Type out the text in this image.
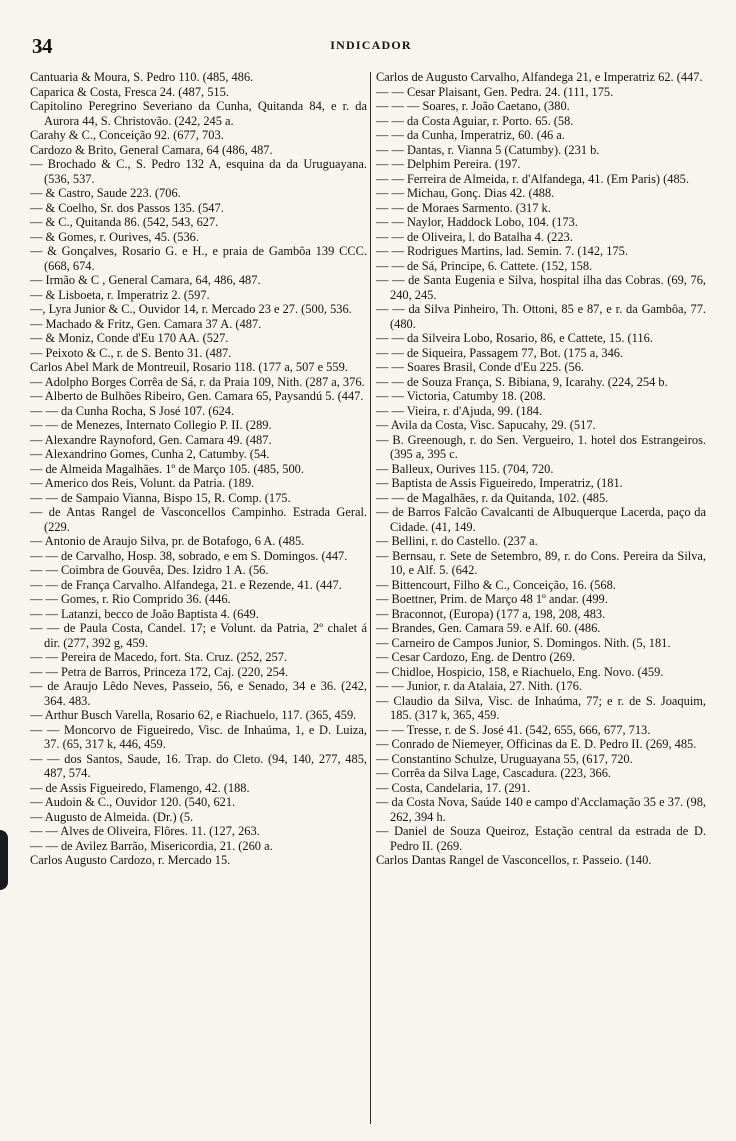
34	INDICADOR

Cantuaria & Moura, S. Pedro 110. (485, 486.

Caparica & Costa, Fresca 24. (487, 515.

Capitolino Peregrino Severiano da Cunha, Quitanda 84, e r. da Aurora 44, S. Christovão. (242, 245 a.

Carahy & C., Conceição 92. (677, 703.

Cardozo & Brito, General Camara, 64 (486, 487.

— Brochado & C., S. Pedro 132 A, esquina da da Uruguayana. (536, 537.

— & Castro, Saude 223. (706.

— & Coelho, Sr. dos Passos 135. (547.

— & C., Quitanda 86. (542, 543, 627.

— & Gomes, r. Ourives, 45. (536.

— & Gonçalves, Rosario G. e H., e praia de Gambôa 139 CCC. (668, 674.

— Irmão & C , General Camara, 64, 486, 487.

— & Lisboeta, r. Imperatriz 2. (597.

—, Lyra Junior & C., Ouvidor 14, r. Mercado 23 e 27. (500, 536.

— Machado & Fritz, Gen. Camara 37 A. (487.

— & Moniz, Conde d'Eu 170 AA. (527.

— Peixoto & C., r. de S. Bento 31. (487.

Carlos Abel Mark de Montreuil, Rosario 118. (177 a, 507 e 559.

— Adolpho Borges Corrêa de Sá, r. da Praia 109, Nith. (287 a, 376.

— Alberto de Bulhões Ribeiro, Gen. Camara 65, Paysandú 5. (447.

— — da Cunha Rocha, S José 107. (624.

— — de Menezes, Internato Collegio P. II. (289.

— Alexandre Raynoford, Gen. Camara 49. (487.

— Alexandrino Gomes, Cunha 2, Catumby. (54.

— de Almeida Magalhães. 1º de Março 105. (485, 500.

— Americo dos Reis, Volunt. da Patria. (189.

— — de Sampaio Vianna, Bispo 15, R. Comp. (175.

— de Antas Rangel de Vasconcellos Campinho. Estrada Geral. (229.

— Antonio de Araujo Silva, pr. de Botafogo, 6 A. (485.

— — de Carvalho, Hosp. 38, sobrado, e em S. Domingos. (447.

— — Coimbra de Gouvêa, Des. Izidro 1 A. (56.

— — de França Carvalho. Alfandega, 21. e Rezende, 41. (447.

— — Gomes, r. Rio Comprido 36. (446.

— — Latanzi, becco de João Baptista 4. (649.

— — de Paula Costa, Candel. 17; e Volunt. da Patria, 2º chalet á dir. (277, 392 g, 459.

— — Pereira de Macedo, fort. Sta. Cruz. (252, 257.

— — Petra de Barros, Princeza 172, Caj. (220, 254.

— de Araujo Lêdo Neves, Passeio, 56, e Senado, 34 e 36. (242, 364. 483.

— Arthur Busch Varella, Rosario 62, e Riachuelo, 117. (365, 459.

— — Moncorvo de Figueiredo, Visc. de Inhaúma, 1, e D. Luiza, 37. (65, 317 k, 446, 459.

— — dos Santos, Saude, 16. Trap. do Cleto. (94, 140, 277, 485, 487, 574.

— de Assis Figueiredo, Flamengo, 42. (188.

— Audoin & C., Ouvidor 120. (540, 621.

— Augusto de Almeida. (Dr.) (5.

— — Alves de Oliveira, Flôres. 11. (127, 263.

— — de Avilez Barrão, Misericordia, 21. (260 a.

Carlos Augusto Cardozo, r. Mercado 15.

Carlos de Augusto Carvalho, Alfandega 21, e Imperatriz 62. (447.

— — Cesar Plaisant, Gen. Pedra. 24. (111, 175.

— — — Soares, r. João Caetano, (380.

— — da Costa Aguiar, r. Porto. 65. (58.

— — da Cunha, Imperatriz, 60. (46 a.

— — Dantas, r. Vianna 5 (Catumby). (231 b.

— — Delphim Pereira. (197.

— — Ferreira de Almeida, r. d'Alfandega, 41. (Em Paris) (485.

— — Michau, Gonç. Dias 42. (488.

— — de Moraes Sarmento. (317 k.

— — Naylor, Haddock Lobo, 104. (173.

— — de Oliveira, l. do Batalha 4. (223.

— — Rodrigues Martins, lad. Semin. 7. (142, 175.

— — de Sá, Principe, 6. Cattete. (152, 158.

— — de Santa Eugenia e Silva, hospital ilha das Cobras. (69, 76, 240, 245.

— — da Silva Pinheiro, Th. Ottoni, 85 e 87, e r. da Gambôa, 77. (480.

— — da Silveira Lobo, Rosario, 86, e Cattete, 15. (116.

— — de Siqueira, Passagem 77, Bot. (175 a, 346.

— — Soares Brasil, Conde d'Eu 225. (56.

— — de Souza França, S. Bibiana, 9, Icarahy. (224, 254 b.

— — Victoria, Catumby 18. (208.

— — Vieira, r. d'Ajuda, 99. (184.

— Avila da Costa, Visc. Sapucahy, 29. (517.

— B. Greenough, r. do Sen. Vergueiro, 1. hotel dos Estrangeiros. (395 a, 395 c.

— Balleux, Ourives 115. (704, 720.

— Baptista de Assis Figueiredo, Imperatriz, (181.

— — de Magalhães, r. da Quitanda, 102. (485.

— de Barros Falcão Cavalcanti de Albuquerque Lacerda, paço da Cidade. (41, 149.

— Bellini, r. do Castello. (237 a.

— Bernsau, r. Sete de Setembro, 89, r. do Cons. Pereira da Silva, 10, e Alf. 5. (642.

— Bittencourt, Filho & C., Conceição, 16. (568.

— Boettner, Prim. de Março 48 1º andar. (499.

— Braconnot, (Europa) (177 a, 198, 208, 483.

— Brandes, Gen. Camara 59. e Alf. 60. (486.

— Carneiro de Campos Junior, S. Domingos. Nith. (5, 181.

— Cesar Cardozo, Eng. de Dentro (269.

— Chidloe, Hospicio, 158, e Riachuelo, Eng. Novo. (459.

— — Junior, r. da Atalaia, 27. Nith. (176.

— Claudio da Silva, Visc. de Inhaúma, 77; e r. de S. Joaquim, 185. (317 k, 365, 459.

— — Tresse, r. de S. José 41. (542, 655, 666, 677, 713.

— Conrado de Niemeyer, Officinas da E. D. Pedro II. (269, 485.

— Constantino Schulze, Uruguayana 55, (617, 720.

— Corrêa da Silva Lage, Cascadura. (223, 366.

— Costa, Candelaria, 17. (291.

— da Costa Nova, Saúde 140 e campo d'Acclamação 35 e 37. (98, 262, 394 h.

— Daniel de Souza Queiroz, Estação central da estrada de D. Pedro II. (269.

Carlos Dantas Rangel de Vasconcellos, r. Passeio. (140.
